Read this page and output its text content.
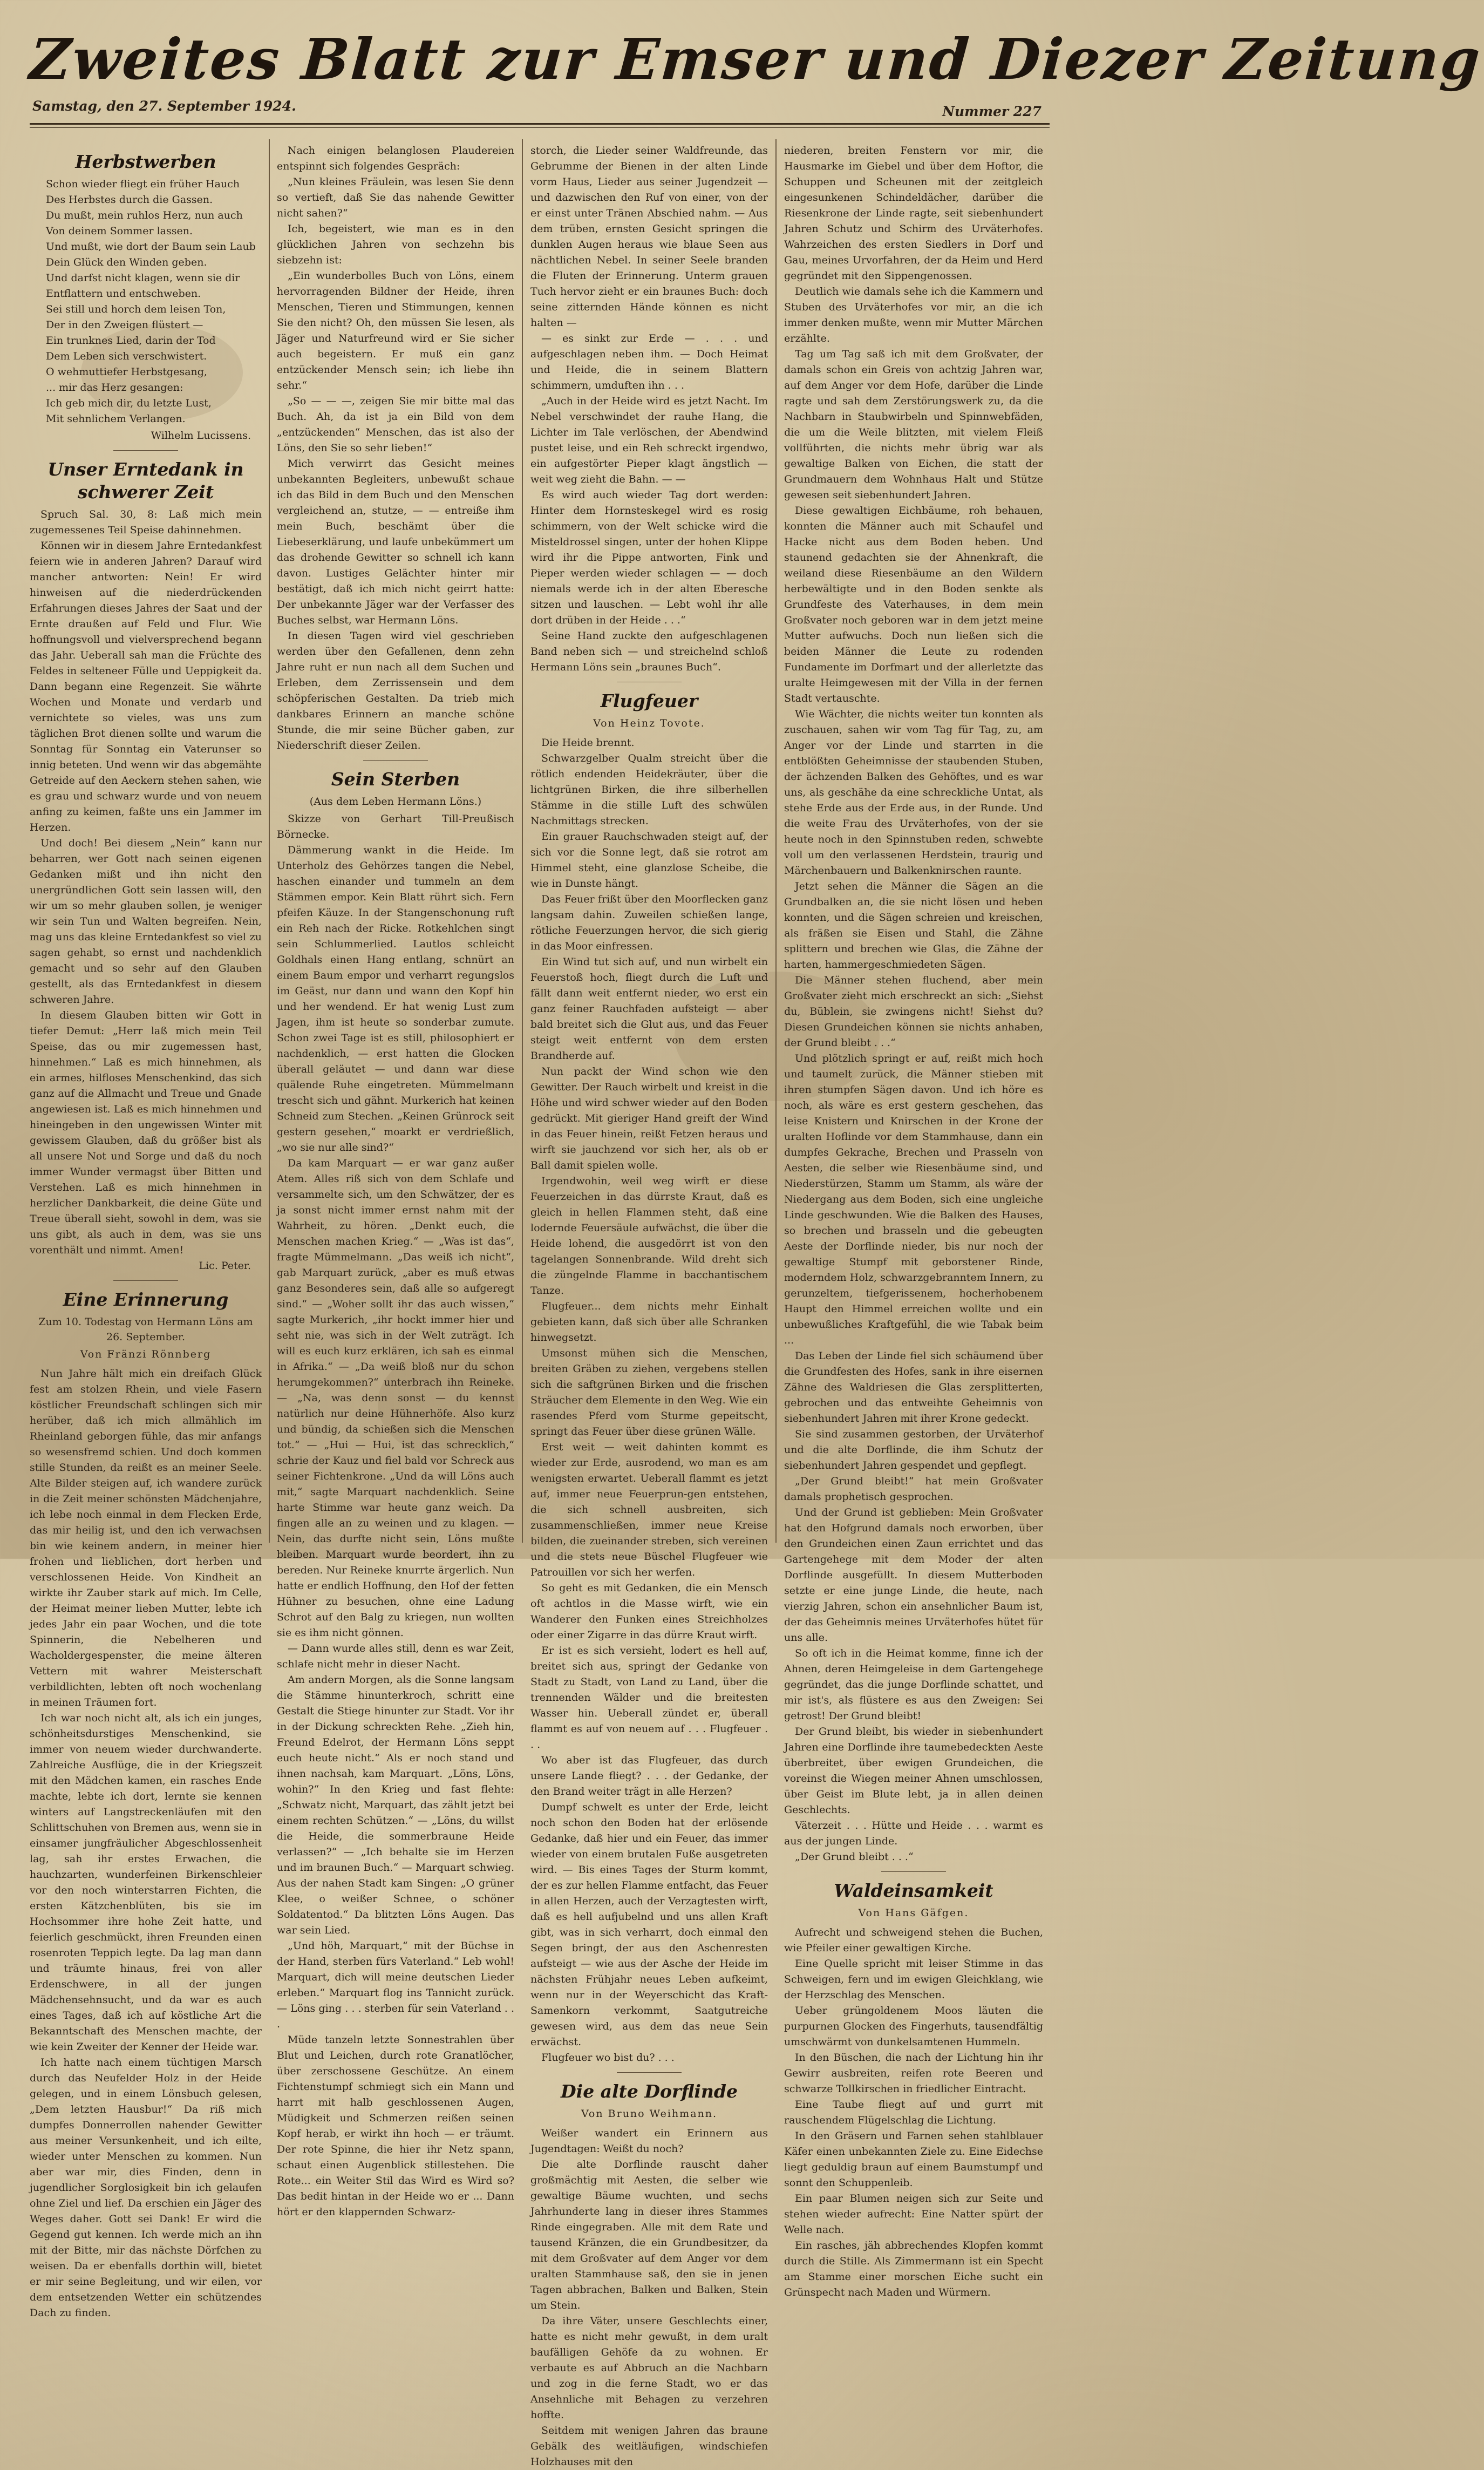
Zweites Blatt zur Emser und Diezer Zeitung
Samstag, den 27. September 1924.	Nummer 227
Herbstwerben
Schon wieder fliegt ein früher Hauch
Des Herbstes durch die Gassen.
Du mußt, mein ruhlos Herz, nun auch
Von deinem Sommer lassen.
Und mußt, wie dort der Baum sein Laub
Dein Glück den Winden geben.
Und darfst nicht klagen, wenn sie dir
Entflattern und entschweben.
Sei still und horch dem leisen Ton,
Der in den Zweigen flüstert —
Ein trunknes Lied, darin der Tod
Dem Leben sich verschwistert.
O wehmuttiefer Herbstgesang,
... mir das Herz gesangen:
Ich geb mich dir, du letzte Lust,
Mit sehnlichem Verlangen.
Wilhelm Lucissens.
Unser Erntedank in schwerer Zeit

Spruch Sal. 30, 8: Laß mich mein zugemessenes Teil Speise dahinnehmen.

Können wir in diesem Jahre Erntedankfest feiern wie in anderen Jahren? Darauf wird mancher antworten: Nein! Er wird hinweisen auf die niederdrückenden Erfahrungen dieses Jahres der Saat und der Ernte draußen auf Feld und Flur. Wie hoffnungsvoll und vielversprechend begann das Jahr. Ueberall sah man die Früchte des Feldes in selteneer Fülle und Ueppigkeit da. Dann begann eine Regenzeit. Sie währte Wochen und Monate und verdarb und vernichtete so vieles, was uns zum täglichen Brot dienen sollte und warum die Sonntag für Sonntag ein Vaterunser so innig beteten. Und wenn wir das abgemähte Getreide auf den Aeckern stehen sahen, wie es grau und schwarz wurde und von neuem anfing zu keimen, faßte uns ein Jammer im Herzen.

Und doch! Bei diesem „Nein“ kann nur beharren, wer Gott nach seinen eigenen Gedanken mißt und ihn nicht den unergründlichen Gott sein lassen will, den wir um so mehr glauben sollen, je weniger wir sein Tun und Walten begreifen. Nein, mag uns das kleine Erntedankfest so viel zu sagen gehabt, so ernst und nachdenklich gemacht und so sehr auf den Glauben gestellt, als das Erntedankfest in diesem schweren Jahre.

In diesem Glauben bitten wir Gott in tiefer Demut: „Herr laß mich mein Teil Speise, das ou mir zugemessen hast, hinnehmen.“ Laß es mich hinnehmen, als ein armes, hilfloses Menschenkind, das sich ganz auf die Allmacht und Treue und Gnade angewiesen ist. Laß es mich hinnehmen und hineingeben in den ungewissen Winter mit gewissem Glauben, daß du größer bist als all unsere Not und Sorge und daß du noch immer Wunder vermagst über Bitten und Verstehen. Laß es mich hinnehmen in herzlicher Dankbarkeit, die deine Güte und Treue überall sieht, sowohl in dem, was sie uns gibt, als auch in dem, was sie uns vorenthält und nimmt. Amen!

Lic. Peter.
Eine Erinnerung
Zum 10. Todestag von Hermann Löns am 26. September.
Von Fränzi Rönnberg

Nun Jahre hält mich ein dreifach Glück fest am stolzen Rhein, und viele Fasern köstlicher Freundschaft schlingen sich mir herüber, daß ich mich allmählich im Rheinland geborgen fühle, das mir anfangs so wesensfremd schien. Und doch kommen stille Stunden, da reißt es an meiner Seele. Alte Bilder steigen auf, ich wandere zurück in die Zeit meiner schönsten Mädchenjahre, ich lebe noch einmal in dem Flecken Erde, das mir heilig ist, und den ich verwachsen bin wie keinem andern, in meiner hier frohen und lieblichen, dort herben und verschlossenen Heide. Von Kindheit an wirkte ihr Zauber stark auf mich. Im Celle, der Heimat meiner lieben Mutter, lebte ich jedes Jahr ein paar Wochen, und die tote Spinnerin, die Nebelheren und Wacholdergespenster, die meine älteren Vettern mit wahrer Meisterschaft verbildlichten, lebten oft noch wochenlang in meinen Träumen fort.

Ich war noch nicht alt, als ich ein junges, schönheitsdurstiges Menschenkind, sie immer von neuem wieder durchwanderte. Zahlreiche Ausflüge, die in der Kriegszeit mit den Mädchen kamen, ein rasches Ende machte, lebte ich dort, lernte sie kennen winters auf Langstreckenläufen mit den Schlittschuhen von Bremen aus, wenn sie in einsamer jungfräulicher Abgeschlossenheit lag, sah ihr erstes Erwachen, die hauchzarten, wunderfeinen Birkenschleier vor den noch winterstarren Fichten, die ersten Kätzchenblüten, bis sie im Hochsommer ihre hohe Zeit hatte, und feierlich geschmückt, ihren Freunden einen rosenroten Teppich legte. Da lag man dann und träumte hinaus, frei von aller Erdenschwere, in all der jungen Mädchensehnsucht, und da war es auch eines Tages, daß ich auf köstliche Art die Bekanntschaft des Menschen machte, der wie kein Zweiter der Kenner der Heide war.

Ich hatte nach einem tüchtigen Marsch durch das Neufelder Holz in der Heide gelegen, und in einem Lönsbuch gelesen, „Dem letzten Hausbur!“ Da riß mich dumpfes Donnerrollen nahender Gewitter aus meiner Versunkenheit, und ich eilte, wieder unter Menschen zu kommen. Nun aber war mir, dies Finden, denn in jugendlicher Sorglosigkeit bin ich gelaufen ohne Ziel und lief. Da erschien ein Jäger des Weges daher. Gott sei Dank! Er wird die Gegend gut kennen. Ich werde mich an ihn mit der Bitte, mir das nächste Dörfchen zu weisen. Da er ebenfalls dorthin will, bietet er mir seine Begleitung, und wir eilen, vor dem entsetzenden Wetter ein schützendes Dach zu finden.

Nach einigen belanglosen Plaudereien entspinnt sich folgendes Gespräch:

„Nun kleines Fräulein, was lesen Sie denn so vertieft, daß Sie das nahende Gewitter nicht sahen?“

Ich, begeistert, wie man es in den glücklichen Jahren von sechzehn bis siebzehn ist:

„Ein wunderbolles Buch von Löns, einem hervorragenden Bildner der Heide, ihren Menschen, Tieren und Stimmungen, kennen Sie den nicht? Oh, den müssen Sie lesen, als Jäger und Naturfreund wird er Sie sicher auch begeistern. Er muß ein ganz entzückender Mensch sein; ich liebe ihn sehr.“

„So — — —, zeigen Sie mir bitte mal das Buch. Ah, da ist ja ein Bild von dem „entzückenden“ Menschen, das ist also der Löns, den Sie so sehr lieben!“

Mich verwirrt das Gesicht meines unbekannten Begleiters, unbewußt schaue ich das Bild in dem Buch und den Menschen vergleichend an, stutze, — — entreiße ihm mein Buch, beschämt über die Liebeserklärung, und laufe unbekümmert um das drohende Gewitter so schnell ich kann davon. Lustiges Gelächter hinter mir bestätigt, daß ich mich nicht geirrt hatte: Der unbekannte Jäger war der Verfasser des Buches selbst, war Hermann Löns.

In diesen Tagen wird viel geschrieben werden über den Gefallenen, denn zehn Jahre ruht er nun nach all dem Suchen und Erleben, dem Zerrissensein und dem schöpferischen Gestalten. Da trieb mich dankbares Erinnern an manche schöne Stunde, die mir seine Bücher gaben, zur Niederschrift dieser Zeilen.

Sein Sterben
(Aus dem Leben Hermann Löns.)

Skizze von Gerhart Till-Preußisch Börnecke.

Dämmerung wankt in die Heide. Im Unterholz des Gehörzes tangen die Nebel, haschen einander und tummeln an dem Stämmen empor. Kein Blatt rührt sich. Fern pfeifen Käuze. In der Stangenschonung ruft ein Reh nach der Ricke. Rotkehlchen singt sein Schlummerlied. Lautlos schleicht Goldhals einen Hang entlang, schnürt an einem Baum empor und verharrt regungslos im Geäst, nur dann und wann den Kopf hin und her wendend. Er hat wenig Lust zum Jagen, ihm ist heute so sonderbar zumute. Schon zwei Tage ist es still, philosophiert er nachdenklich, — erst hatten die Glocken überall geläutet — und dann war diese quälende Ruhe eingetreten. Mümmelmann trescht sich und gähnt. Murkerich hat keinen Schneid zum Stechen. „Keinen Grünrock seit gestern gesehen,“ moarkt er verdrießlich, „wo sie nur alle sind?“

Da kam Marquart — er war ganz außer Atem. Alles riß sich von dem Schlafe und versammelte sich, um den Schwätzer, der es ja sonst nicht immer ernst nahm mit der Wahrheit, zu hören. „Denkt euch, die Menschen machen Krieg.“ — „Was ist das“, fragte Mümmelmann. „Das weiß ich nicht“, gab Marquart zurück, „aber es muß etwas ganz Besonderes sein, daß alle so aufgeregt sind.“ — „Woher sollt ihr das auch wissen,“ sagte Murkerich, „ihr hockt immer hier und seht nie, was sich in der Welt zuträgt. Ich will es euch kurz erklären, ich sah es einmal in Afrika.“ — „Da weiß bloß nur du schon herumgekommen?“ unterbrach ihn Reineke. — „Na, was denn sonst — du kennst natürlich nur deine Hühnerhöfe. Also kurz und bündig, da schießen sich die Menschen tot.“ — „Hui — Hui, ist das schrecklich,“ schrie der Kauz und fiel bald vor Schreck aus seiner Fichtenkrone. „Und da will Löns auch mit,“ sagte Marquart nachdenklich. Seine harte Stimme war heute ganz weich. Da fingen alle an zu weinen und zu klagen. — Nein, das durfte nicht sein, Löns mußte bleiben. Marquart wurde beordert, ihn zu bereden. Nur Reineke knurrte ärgerlich. Nun hatte er endlich Hoffnung, den Hof der fetten Hühner zu besuchen, ohne eine Ladung Schrot auf den Balg zu kriegen, nun wollten sie es ihm nicht gönnen.

— Dann wurde alles still, denn es war Zeit, schlafe nicht mehr in dieser Nacht.

Am andern Morgen, als die Sonne langsam die Stämme hinunterkroch, schritt eine Gestalt die Stiege hinunter zur Stadt. Vor ihr in der Dickung schreckten Rehe. „Zieh hin, Freund Edelrot, der Hermann Löns seppt euch heute nicht.“ Als er noch stand und ihnen nachsah, kam Marquart. „Löns, Löns, wohin?“ In den Krieg und fast flehte: „Schwatz nicht, Marquart, das zählt jetzt bei einem rechten Schützen.“ — „Löns, du willst die Heide, die sommerbraune Heide verlassen?“ — „Ich behalte sie im Herzen und im braunen Buch.“ — Marquart schwieg. Aus der nahen Stadt kam Singen: „O grüner Klee, o weißer Schnee, o schöner Soldatentod.“ Da blitzten Löns Augen. Das war sein Lied.

„Und höh, Marquart,“ mit der Büchse in der Hand, sterben fürs Vaterland.“ Leb wohl! Marquart, dich will meine deutschen Lieder erleben.“ Marquart flog ins Tannicht zurück. — Löns ging . . . sterben für sein Vaterland . . .

Müde tanzeln letzte Sonnestrahlen über Blut und Leichen, durch rote Granatlöcher, über zerschossene Geschütze. An einem Fichtenstumpf schmiegt sich ein Mann und harrt mit halb geschlossenen Augen, Müdigkeit und Schmerzen reißen seinen Kopf herab, er wirkt ihn hoch — er träumt. Der rote Spinne, die hier ihr Netz spann, schaut einen Augenblick stillestehen. Die Rote... ein Weiter Stil das Wird es Wird so? Das bedit hintan in der Heide wo er ... Dann hört er den klappernden Schwarz-

storch, die Lieder seiner Waldfreunde, das Gebrumme der Bienen in der alten Linde vorm Haus, Lieder aus seiner Jugendzeit — und dazwischen den Ruf von einer, von der er einst unter Tränen Abschied nahm. — Aus dem trüben, ernsten Gesicht springen die dunklen Augen heraus wie blaue Seen aus nächtlichen Nebel. In seiner Seele branden die Fluten der Erinnerung. Unterm grauen Tuch hervor zieht er ein braunes Buch: doch seine zitternden Hände können es nicht halten —

— es sinkt zur Erde — . . . und aufgeschlagen neben ihm. — Doch Heimat und Heide, die in seinem Blattern schimmern, umduften ihn . . .

„Auch in der Heide wird es jetzt Nacht. Im Nebel verschwindet der rauhe Hang, die Lichter im Tale verlöschen, der Abendwind pustet leise, und ein Reh schreckt irgendwo, ein aufgestörter Pieper klagt ängstlich — weit weg zieht die Bahn. — —

Es wird auch wieder Tag dort werden: Hinter dem Hornsteskegel wird es rosig schimmern, von der Welt schicke wird die Misteldrossel singen, unter der hohen Klippe wird ihr die Pippe antworten, Fink und Pieper werden wieder schlagen — — doch niemals werde ich in der alten Eberesche sitzen und lauschen. — Lebt wohl ihr alle dort drüben in der Heide . . .“

Seine Hand zuckte den aufgeschlagenen Band neben sich — und streichelnd schloß Hermann Löns sein „braunes Buch“.

Flugfeuer
Von Heinz Tovote.

Die Heide brennt.

Schwarzgelber Qualm streicht über die rötlich endenden Heidekräuter, über die lichtgrünen Birken, die ihre silberhellen Stämme in die stille Luft des schwülen Nachmittags strecken.

Ein grauer Rauchschwaden steigt auf, der sich vor die Sonne legt, daß sie rotrot am Himmel steht, eine glanzlose Scheibe, die wie in Dunste hängt.

Das Feuer frißt über den Moorflecken ganz langsam dahin. Zuweilen schießen lange, rötliche Feuerzungen hervor, die sich gierig in das Moor einfressen.

Ein Wind tut sich auf, und nun wirbelt ein Feuerstoß hoch, fliegt durch die Luft und fällt dann weit entfernt nieder, wo erst ein ganz feiner Rauchfaden aufsteigt — aber bald breitet sich die Glut aus, und das Feuer steigt weit entfernt von dem ersten Brandherde auf.

Nun packt der Wind schon wie den Gewitter. Der Rauch wirbelt und kreist in die Höhe und wird schwer wieder auf den Boden gedrückt. Mit gieriger Hand greift der Wind in das Feuer hinein, reißt Fetzen heraus und wirft sie jauchzend vor sich her, als ob er Ball damit spielen wolle.

Irgendwohin, weil weg wirft er diese Feuerzeichen in das dürrste Kraut, daß es gleich in hellen Flammen steht, daß eine lodernde Feuersäule aufwächst, die über die Heide lohend, die ausgedörrt ist von den tagelangen Sonnenbrande. Wild dreht sich die züngelnde Flamme in bacchantischem Tanze.

Flugfeuer... dem nichts mehr Einhalt gebieten kann, daß sich über alle Schranken hinwegsetzt.

Umsonst mühen sich die Menschen, breiten Gräben zu ziehen, vergebens stellen sich die saftgrünen Birken und die frischen Sträucher dem Elemente in den Weg. Wie ein rasendes Pferd vom Sturme gepeitscht, springt das Feuer über diese grünen Wälle.

Erst weit — weit dahinten kommt es wieder zur Erde, ausrodend, wo man es am wenigsten erwartet. Ueberall flammt es jetzt auf, immer neue Feuerprun-gen entstehen, die sich schnell ausbreiten, sich zusammenschließen, immer neue Kreise bilden, die zueinander streben, sich vereinen und die stets neue Büschel Flugfeuer wie Patrouillen vor sich her werfen.

So geht es mit Gedanken, die ein Mensch oft achtlos in die Masse wirft, wie ein Wanderer den Funken eines Streichholzes oder einer Zigarre in das dürre Kraut wirft.

Er ist es sich versieht, lodert es hell auf, breitet sich aus, springt der Gedanke von Stadt zu Stadt, von Land zu Land, über die trennenden Wälder und die breitesten Wasser hin. Ueberall zündet er, überall flammt es auf von neuem auf . . . Flugfeuer . . .

Wo aber ist das Flugfeuer, das durch unsere Lande fliegt? . . . der Gedanke, der den Brand weiter trägt in alle Herzen?

Dumpf schwelt es unter der Erde, leicht noch schon den Boden hat der erlösende Gedanke, daß hier und ein Feuer, das immer wieder von einem brutalen Fuße ausgetreten wird. — Bis eines Tages der Sturm kommt, der es zur hellen Flamme entfacht, das Feuer in allen Herzen, auch der Verzagtesten wirft, daß es hell aufjubelnd und uns allen Kraft gibt, was in sich verharrt, doch einmal den Segen bringt, der aus den Aschenresten aufsteigt — wie aus der Asche der Heide im nächsten Frühjahr neues Leben aufkeimt, wenn nur in der Weyerschicht das Kraft-Samenkorn verkommt, Saatgutreiche gewesen wird, aus dem das neue Sein erwächst.

Flugfeuer wo bist du? . . .

Die alte Dorflinde
Von Bruno Weihmann.

Weißer wandert ein Erinnern aus Jugendtagen: Weißt du noch?

Die alte Dorflinde rauscht daher großmächtig mit Aesten, die selber wie gewaltige Bäume wuchten, und sechs Jahrhunderte lang in dieser ihres Stammes Rinde eingegraben. Alle mit dem Rate und tausend Kränzen, die ein Grundbesitzer, da mit dem Großvater auf dem Anger vor dem uralten Stammhause saß, den sie in jenen Tagen abbrachen, Balken und Balken, Stein um Stein.

Da ihre Väter, unsere Geschlechts einer, hatte es nicht mehr gewußt, in dem uralt baufälligen Gehöfe da zu wohnen. Er verbaute es auf Abbruch an die Nachbarn und zog in die ferne Stadt, wo er das Ansehnliche mit Behagen zu verzehren hoffte.

Seitdem mit wenigen Jahren das braune Gebälk des weitläufigen, windschiefen Holzhauses mit den

niederen, breiten Fenstern vor mir, die Hausmarke im Giebel und über dem Hoftor, die Schuppen und Scheunen mit der zeitgleich eingesunkenen Schindeldächer, darüber die Riesenkrone der Linde ragte, seit siebenhundert Jahren Schutz und Schirm des Urväterhofes. Wahrzeichen des ersten Siedlers in Dorf und Gau, meines Urvorfahren, der da Heim und Herd gegründet mit den Sippengenossen.

Deutlich wie damals sehe ich die Kammern und Stuben des Urväterhofes vor mir, an die ich immer denken mußte, wenn mir Mutter Märchen erzählte.

Tag um Tag saß ich mit dem Großvater, der damals schon ein Greis von achtzig Jahren war, auf dem Anger vor dem Hofe, darüber die Linde ragte und sah dem Zerstörungswerk zu, da die Nachbarn in Staubwirbeln und Spinnwebfäden, die um die Weile blitzten, mit vielem Fleiß vollführten, die nichts mehr übrig war als gewaltige Balken von Eichen, die statt der Grundmauern dem Wohnhaus Halt und Stütze gewesen seit siebenhundert Jahren.

Diese gewaltigen Eichbäume, roh behauen, konnten die Männer auch mit Schaufel und Hacke nicht aus dem Boden heben. Und staunend gedachten sie der Ahnenkraft, die weiland diese Riesenbäume an den Wildern herbewältigte und in den Boden senkte als Grundfeste des Vaterhauses, in dem mein Großvater noch geboren war in dem jetzt meine Mutter aufwuchs. Doch nun ließen sich die beiden Männer die Leute zu rodenden Fundamente im Dorfmart und der allerletzte das uralte Heimgewesen mit der Villa in der fernen Stadt vertauschte.

Wie Wächter, die nichts weiter tun konnten als zuschauen, sahen wir vom Tag für Tag, zu, am Anger vor der Linde und starrten in die entblößten Geheimnisse der staubenden Stuben, der ächzenden Balken des Gehöftes, und es war uns, als geschähe da eine schreckliche Untat, als stehe Erde aus der Erde aus, in der Runde. Und die weite Frau des Urväterhofes, von der sie heute noch in den Spinnstuben reden, schwebte voll um den verlassenen Herdstein, traurig und Märchenbauern und Balkenknirschen raunte.

Jetzt sehen die Männer die Sägen an die Grundbalken an, die sie nicht lösen und heben konnten, und die Sägen schreien und kreischen, als fräßen sie Eisen und Stahl, die Zähne splittern und brechen wie Glas, die Zähne der harten, hammergeschmiedeten Sägen.

Die Männer stehen fluchend, aber mein Großvater zieht mich erschreckt an sich: „Siehst du, Büblein, sie zwingens nicht! Siehst du? Diesen Grundeichen können sie nichts anhaben, der Grund bleibt . . .“

Und plötzlich springt er auf, reißt mich hoch und taumelt zurück, die Männer stieben mit ihren stumpfen Sägen davon. Und ich höre es noch, als wäre es erst gestern geschehen, das leise Knistern und Knirschen in der Krone der uralten Hoflinde vor dem Stammhause, dann ein dumpfes Gekrache, Brechen und Prasseln von Aesten, die selber wie Riesenbäume sind, und Niederstürzen, Stamm um Stamm, als wäre der Niedergang aus dem Boden, sich eine ungleiche Linde geschwunden. Wie die Balken des Hauses, so brechen und brasseln und die gebeugten Aeste der Dorflinde nieder, bis nur noch der gewaltige Stumpf mit geborstener Rinde, moderndem Holz, schwarzgebranntem Innern, zu gerunzeltem, tiefgerissenem, hocherhobenem Haupt den Himmel erreichen wollte und ein unbewußliches Kraftgefühl, die wie Tabak beim ...

Das Leben der Linde fiel sich schäumend über die Grundfesten des Hofes, sank in ihre eisernen Zähne des Waldriesen die Glas zersplitterten, gebrochen und das entweihte Geheimnis von siebenhundert Jahren mit ihrer Krone gedeckt.

Sie sind zusammen gestorben, der Urväterhof und die alte Dorflinde, die ihm Schutz der siebenhundert Jahren gespendet und gepflegt.

„Der Grund bleibt!“ hat mein Großvater damals prophetisch gesprochen.

Und der Grund ist geblieben: Mein Großvater hat den Hofgrund damals noch erworben, über den Grundeichen einen Zaun errichtet und das Gartengehege mit dem Moder der alten Dorflinde ausgefüllt. In diesem Mutterboden setzte er eine junge Linde, die heute, nach vierzig Jahren, schon ein ansehnlicher Baum ist, der das Geheimnis meines Urväterhofes hütet für uns alle.

So oft ich in die Heimat komme, finne ich der Ahnen, deren Heimgeleise in dem Gartengehege gegründet, das die junge Dorflinde schattet, und mir ist's, als flüstere es aus den Zweigen: Sei getrost! Der Grund bleibt!

Der Grund bleibt, bis wieder in siebenhundert Jahren eine Dorflinde ihre taumebedeckten Aeste überbreitet, über ewigen Grundeichen, die voreinst die Wiegen meiner Ahnen umschlossen, über Geist im Blute lebt, ja in allen deinen Geschlechts.

Väterzeit . . . Hütte und Heide . . . warmt es aus der jungen Linde.

„Der Grund bleibt . . .“

Waldeinsamkeit
Von Hans Gäfgen.

Aufrecht und schweigend stehen die Buchen, wie Pfeiler einer gewaltigen Kirche.

Eine Quelle spricht mit leiser Stimme in das Schweigen, fern und im ewigen Gleichklang, wie der Herzschlag des Menschen.

Ueber grüngoldenem Moos läuten die purpurnen Glocken des Fingerhuts, tausendfältig umschwärmt von dunkelsamtenen Hummeln.

In den Büschen, die nach der Lichtung hin ihr Gewirr ausbreiten, reifen rote Beeren und schwarze Tollkirschen in friedlicher Eintracht.

Eine Taube fliegt auf und gurrt mit rauschendem Flügelschlag die Lichtung.

In den Gräsern und Farnen sehen stahlblauer Käfer einen unbekannten Ziele zu. Eine Eidechse liegt geduldig braun auf einem Baumstumpf und sonnt den Schuppenleib.

Ein paar Blumen neigen sich zur Seite und stehen wieder aufrecht: Eine Natter spürt der Welle nach.

Ein rasches, jäh abbrechendes Klopfen kommt durch die Stille. Als Zimmermann ist ein Specht am Stamme einer morschen Eiche sucht ein Grünspecht nach Maden und Würmern.
